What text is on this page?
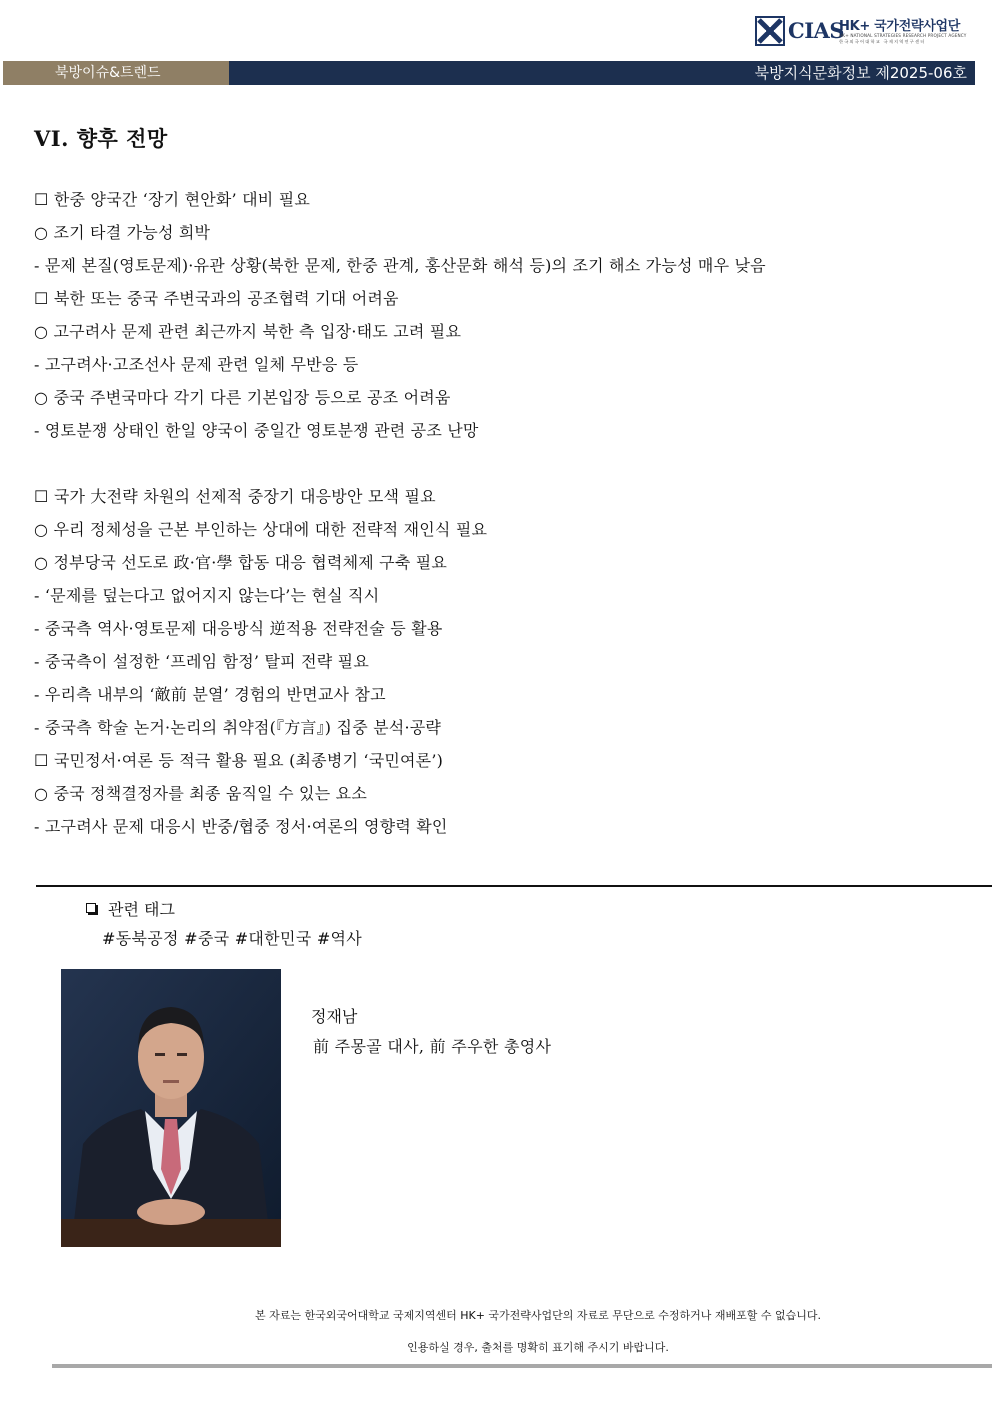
CIAS
HK+ 국가전략사업단
HK+ NATIONAL STRATEGIES RESEARCH PROJECT AGENCY
한국외국어대학교 국제지역연구센터
북방이슈&트렌드	북방지식문화정보 제2025-06호
VI. 향후 전망
☐ 한중 양국간 ‘장기 현안화’ 대비 필요
○ 조기 타결 가능성 희박
- 문제 본질(영토문제)·유관 상황(북한 문제, 한중 관계, 홍산문화 해석 등)의 조기 해소 가능성 매우 낮음
☐ 북한 또는 중국 주변국과의 공조협력 기대 어려움
○ 고구려사 문제 관련 최근까지 북한 측 입장·태도 고려 필요
- 고구려사·고조선사 문제 관련 일체 무반응 등
○ 중국 주변국마다 각기 다른 기본입장 등으로 공조 어려움
- 영토분쟁 상태인 한일 양국이 중일간 영토분쟁 관련 공조 난망
☐ 국가 大전략 차원의 선제적 중장기 대응방안 모색 필요
○ 우리 정체성을 근본 부인하는 상대에 대한 전략적 재인식 필요
○ 정부당국 선도로 政·官·學 합동 대응 협력체제 구축 필요
- ‘문제를 덮는다고 없어지지 않는다’는 현실 직시
- 중국측 역사·영토문제 대응방식 逆적용 전략전술 등 활용
- 중국측이 설정한 ‘프레임 함정’ 탈피 전략 필요
- 우리측 내부의 ‘敵前 분열’ 경험의 반면교사 참고
- 중국측 학술 논거·논리의 취약점(『方言』) 집중 분석·공략
☐ 국민정서·여론 등 적극 활용 필요 (최종병기 ‘국민여론’)
○ 중국 정책결정자를 최종 움직일 수 있는 요소
- 고구려사 문제 대응시 반중/협중 정서·여론의 영향력 확인
관련 태그
#동북공정 #중국 #대한민국 #역사
정재남
前 주몽골 대사, 前 주우한 총영사
본 자료는 한국외국어대학교 국제지역센터 HK+ 국가전략사업단의 자료로 무단으로 수정하거나 재배포할 수 없습니다.
인용하실 경우, 출처를 명확히 표기해 주시기 바랍니다.
